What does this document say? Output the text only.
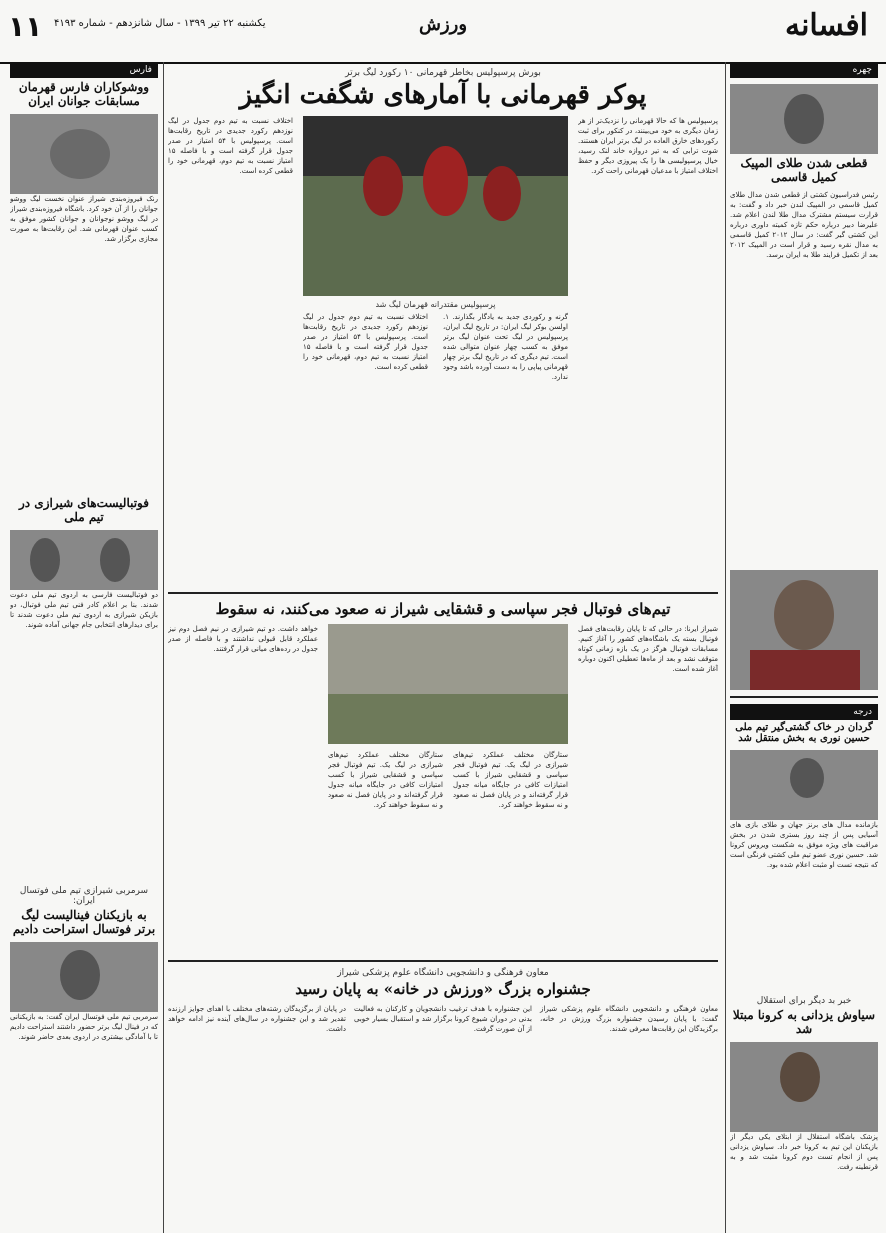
افسانه
ورزش
یکشنبه ۲۲ تیر ۱۳۹۹ - سال شانزدهم - شماره ۴۱۹۳
۱۱
چهره
قطعی شدن طلای المپیک کمیل قاسمی
رئیس فدراسیون کشتی از قطعی شدن مدال طلای کمیل قاسمی در المپیک لندن خبر داد و گفت: به قرارت سیستم مشترک مدال طلا لندن اعلام شد. علیرضا دبیر درباره حکم تازه کمیته داوری درباره این کشتی گیر گفت: در سال ۲۰۱۲ کمیل قاسمی به مدال نقره رسید و قرار است در المپیک ۲۰۱۲ بعد از تکمیل فرایند طلا به ایران برسد.
درجه
گردان در خاک گشتی‌گیر تیم ملی حسین نوری به بخش منتقل شد
بازمانده مدال های برنز جهان و طلای بازی های آسیایی پس از چند روز بستری شدن در بخش مراقبت های ویژه موفق به شکست ویروس کرونا شد. حسین نوری عضو تیم ملی کشتی فرنگی است که نتیجه تست او مثبت اعلام شده بود.
خبر بد دیگر برای استقلال
سیاوش یزدانی به کرونا مبتلا شد
پزشک باشگاه استقلال از ابتلای یکی دیگر از بازیکنان این تیم به کرونا خبر داد. سیاوش یزدانی پس از انجام تست دوم کرونا مثبت شد و به قرنطینه رفت.
بورش پرسپولیس بخاطر قهرمانی ۱۰ رکورد لیگ برتر
پوکر قهرمانی با آمارهای شگفت انگیز
پرسپولیس مقتدرانه قهرمان لیگ شد
پرسپولیس ها که حالا قهرمانی را نزدیک‌تر از هر زمان دیگری به خود می‌بینند، در کنکور برای ثبت رکوردهای خارق العاده در لیگ برتر ایران هستند. شوت ترابی که به تیر دروازه خاند لنک رسید، خیال پرسپولیسی ها را یک پیروزی دیگر و حفظ اختلاف امتیاز با مدعیان قهرمانی راحت کرد.
گرنه و رکوردی جدید به یادگار بگذارند. ۱. اولسن بوکر لیگ ایران: در تاریخ لیگ ایران، پرسپولیس در لیگ تحت عنوان لیگ برتر موفق به کسب چهار عنوان متوالی شده است. تیم دیگری که در تاریخ لیگ برتر چهار قهرمانی پیاپی را به دست آورده باشد وجود ندارد.
اختلاف نسبت به تیم دوم جدول در لیگ نوزدهم رکورد جدیدی در تاریخ رقابت‌ها است. پرسپولیس با ۵۴ امتیاز در صدر جدول قرار گرفته است و با فاصله ۱۵ امتیاز نسبت به تیم دوم، قهرمانی خود را قطعی کرده است.
اختلاف نسبت به تیم دوم جدول در لیگ نوزدهم رکورد جدیدی در تاریخ رقابت‌ها است. پرسپولیس با ۵۴ امتیاز در صدر جدول قرار گرفته است و با فاصله ۱۵ امتیاز نسبت به تیم دوم، قهرمانی خود را قطعی کرده است.
تیم‌های فوتبال فجر سپاسی و قشقایی شیراز نه صعود می‌کنند، نه سقوط
شیراز ایرنا: در حالی که تا پایان رقابت‌های فصل فوتبال بسته یک باشگاه‌های کشور را آغاز کنیم. مسابقات فوتبال هرگز در یک بازه زمانی کوتاه متوقف نشد و بعد از ماه‌ها تعطیلی اکنون دوباره آغاز شده است.
ستارگان مختلف عملکرد تیم‌های شیرازی در لیگ یک. تیم فوتبال فجر سپاسی و قشقایی شیراز با کسب امتیازات کافی در جایگاه میانه جدول قرار گرفته‌اند و در پایان فصل نه صعود و نه سقوط خواهند کرد.
ستارگان مختلف عملکرد تیم‌های شیرازی در لیگ یک. تیم فوتبال فجر سپاسی و قشقایی شیراز با کسب امتیازات کافی در جایگاه میانه جدول قرار گرفته‌اند و در پایان فصل نه صعود و نه سقوط خواهند کرد.
خواهد داشت. دو تیم شیرازی در نیم فصل دوم نیز عملکرد قابل قبولی نداشتند و با فاصله از صدر جدول در رده‌های میانی قرار گرفتند.
معاون فرهنگی و دانشجویی دانشگاه علوم پزشکی شیراز
جشنواره بزرگ «ورزش در خانه» به پایان رسید
معاون فرهنگی و دانشجویی دانشگاه علوم پزشکی شیراز گفت: با پایان رسیدن جشنواره بزرگ ورزش در خانه، برگزیدگان این رقابت‌ها معرفی شدند.
این جشنواره با هدف ترغیب دانشجویان و کارکنان به فعالیت بدنی در دوران شیوع کرونا برگزار شد و استقبال بسیار خوبی از آن صورت گرفت.
در پایان از برگزیدگان رشته‌های مختلف با اهدای جوایز ارزنده تقدیر شد و این جشنواره در سال‌های آینده نیز ادامه خواهد داشت.
فارس
ووشوکاران فارس قهرمان مسابقات جوانان ایران
رنک فیروزه‌بندی شیراز عنوان نخست لیگ ووشو جوانان را از آن خود کرد. باشگاه فیروزه‌بندی شیراز در لیگ ووشو نوجوانان و جوانان کشور موفق به کسب عنوان قهرمانی شد. این رقابت‌ها به صورت مجازی برگزار شد.
فوتبالیست‌های شیرازی در تیم ملی
دو فوتبالیست فارسی به اردوی تیم ملی دعوت شدند. بنا بر اعلام کادر فنی تیم ملی فوتبال، دو بازیکن شیرازی به اردوی تیم ملی دعوت شدند تا برای دیدارهای انتخابی جام جهانی آماده شوند.
سرمربی شیرازی تیم ملی فوتسال ایران:
به بازیکنان فینالیست لیگ برتر فوتسال استراحت دادیم
سرمربی تیم ملی فوتسال ایران گفت: به بازیکنانی که در فینال لیگ برتر حضور داشتند استراحت دادیم تا با آمادگی بیشتری در اردوی بعدی حاضر شوند.
